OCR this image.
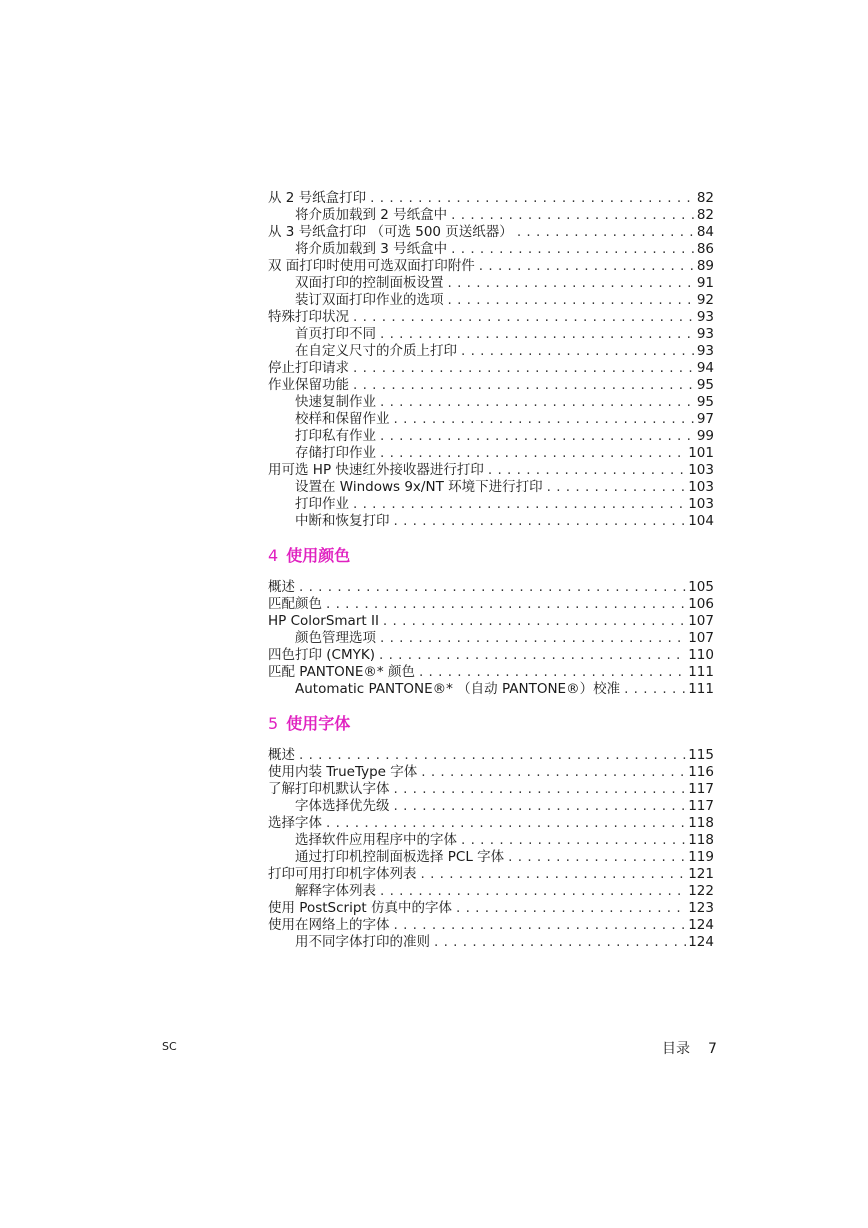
从 2 号纸盒打印 . . .	82
将介质加载到 2 号纸盒中 . . .	82
从 3 号纸盒打印 （可选 500 页送纸器） . . .	84
将介质加载到 3 号纸盒中 . . .	86
双 面打印时使用可选双面打印附件 . . .	89
双面打印的控制面板设置 . . .	91
装订双面打印作业的选项 . . .	92
特殊打印状况 . . .	93
首页打印不同 . . .	93
在自定义尺寸的介质上打印 . . .	93
停止打印请求 . . .	94
作业保留功能 . . .	95
快速复制作业 . . .	95
校样和保留作业 . . .	97
打印私有作业 . . .	99
存储打印作业 . . .	101
用可选 HP 快速红外接收器进行打印 . . .	103
设置在 Windows 9x/NT 环境下进行打印 . . .	103
打印作业 . . .	103
中断和恢复打印 . . .	104
4 使用颜色
概述 . . .	105
匹配颜色 . . .	106
HP ColorSmart II . . .	107
颜色管理选项 . . .	107
四色打印 (CMYK) . . .	110
匹配 PANTONE®* 颜色 . . .	111
Automatic PANTONE®* （自动 PANTONE®）校准 . . .	111
5 使用字体
概述 . . .	115
使用内装 TrueType 字体 . . .	116
了解打印机默认字体 . . .	117
字体选择优先级 . . .	117
选择字体 . . .	118
选择软件应用程序中的字体 . . .	118
通过打印机控制面板选择 PCL 字体 . . .	119
打印可用打印机字体列表 . . .	121
解释字体列表 . . .	122
使用 PostScript 仿真中的字体 . . .	123
使用在网络上的字体 . . .	124
用不同字体打印的准则 . . .	124
SC	目录 7
